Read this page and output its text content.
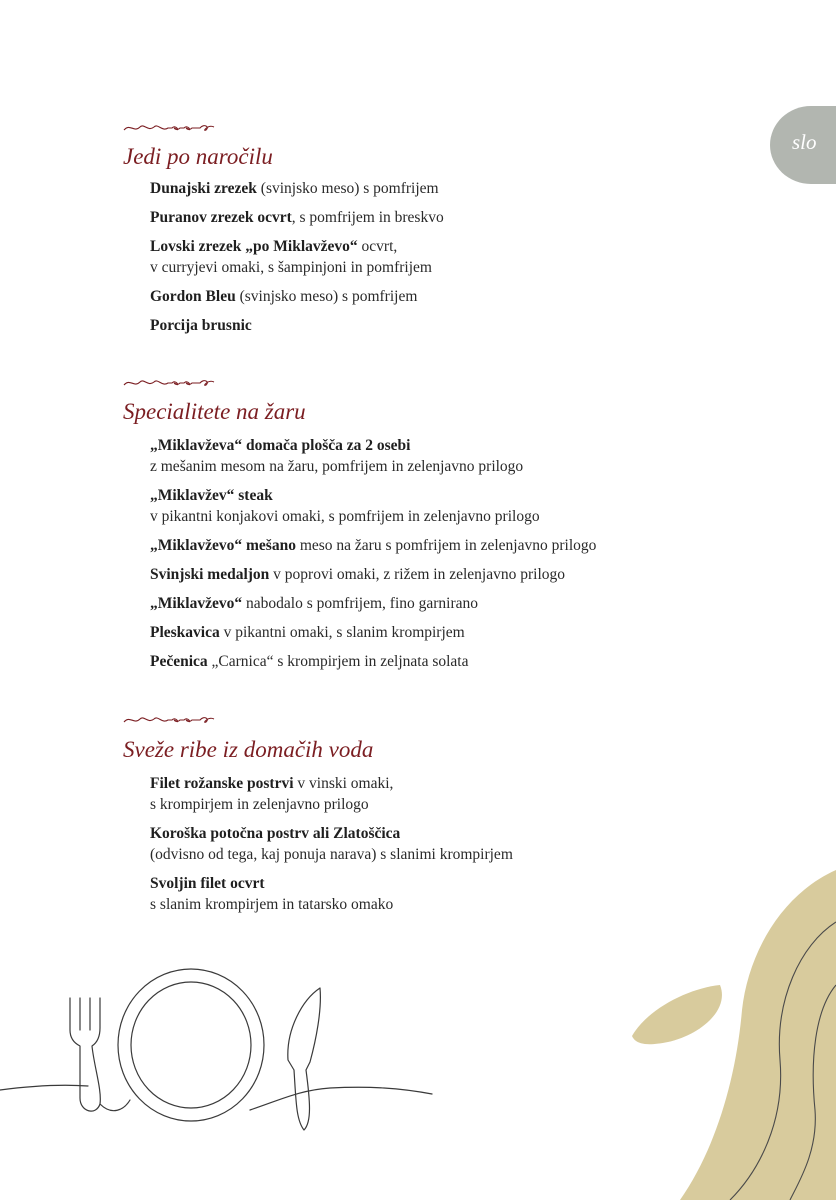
slo
Jedi po naročilu
Dunajski zrezek (svinjsko meso) s pomfrijem
Puranov zrezek ocvrt, s pomfrijem in breskvo
Lovski zrezek „po Miklavževo“ ocvrt,
v curryjevi omaki, s šampinjoni in pomfrijem
Gordon Bleu (svinjsko meso) s pomfrijem
Porcija brusnic
Specialitete na žaru
„Miklavževa“ domača plošča za 2 osebi
z mešanim mesom na žaru, pomfrijem in zelenjavno prilogo
„Miklavžev“ steak
v pikantni konjakovi omaki, s pomfrijem in zelenjavno prilogo
„Miklavževo“ mešano meso na žaru s pomfrijem in zelenjavno prilogo
Svinjski medaljon v poprovi omaki, z rižem in zelenjavno prilogo
„Miklavževo“ nabodalo s pomfrijem, fino garnirano
Pleskavica v pikantni omaki, s slanim krompirjem
Pečenica „Carnica“ s krompirjem in zeljnata solata
Sveže ribe iz domačih voda
Filet rožanske postrvi v vinski omaki,
s krompirjem in zelenjavno prilogo
Koroška potočna postrv ali Zlatoščica
(odvisno od tega, kaj ponuja narava) s slanimi krompirjem
Svoljin filet ocvrt
s slanim krompirjem in tatarsko omako
